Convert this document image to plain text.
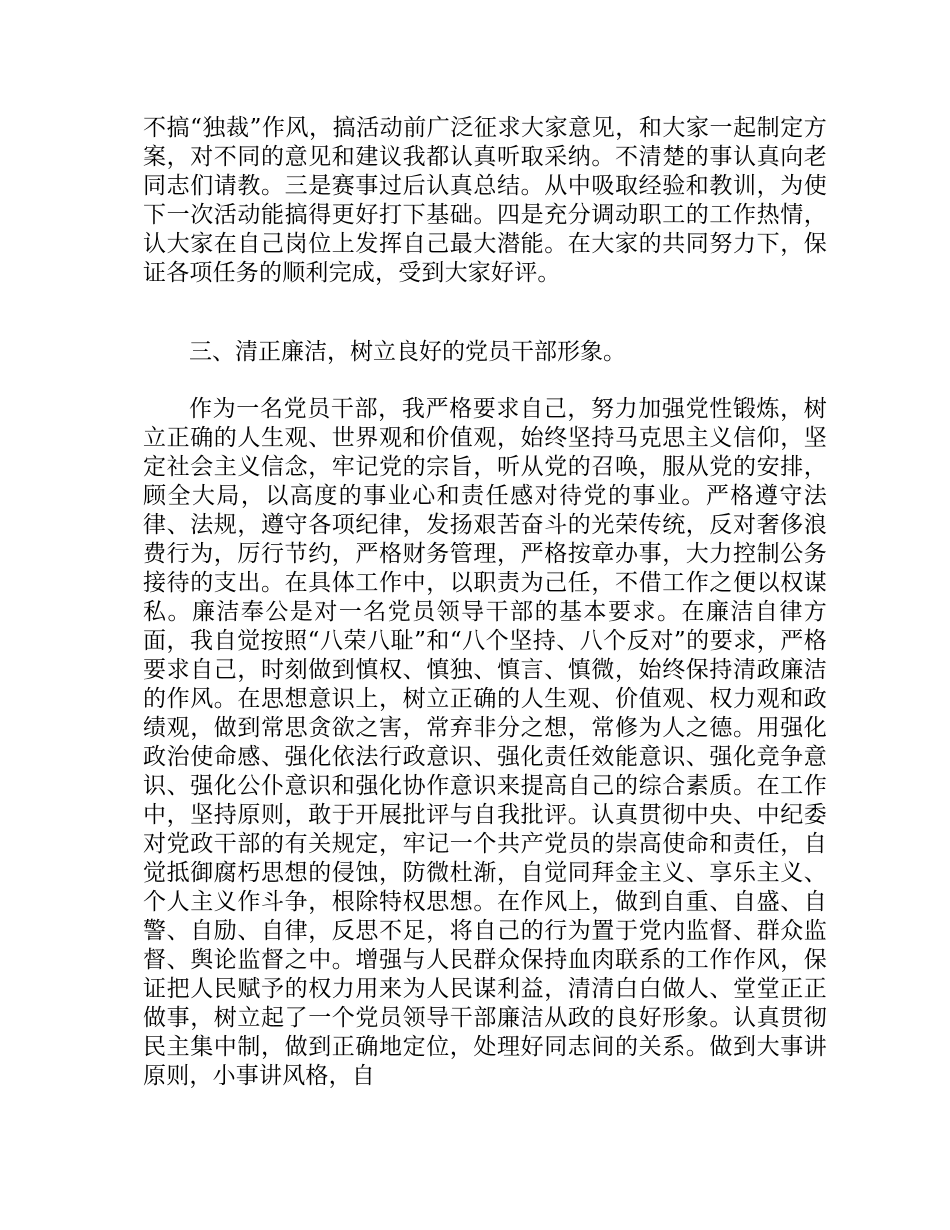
不搞“独裁”作风，搞活动前广泛征求大家意见，和大家一起制定方案，对不同的意见和建议我都认真听取采纳。不清楚的事认真向老同志们请教。三是赛事过后认真总结。从中吸取经验和教训，为使下一次活动能搞得更好打下基础。四是充分调动职工的工作热情，认大家在自己岗位上发挥自己最大潜能。在大家的共同努力下，保证各项任务的顺利完成，受到大家好评。
三、清正廉洁，树立良好的党员干部形象。
作为一名党员干部，我严格要求自己，努力加强党性锻炼，树立正确的人生观、世界观和价值观，始终坚持马克思主义信仰，坚定社会主义信念，牢记党的宗旨，听从党的召唤，服从党的安排，顾全大局，以高度的事业心和责任感对待党的事业。严格遵守法律、法规，遵守各项纪律，发扬艰苦奋斗的光荣传统，反对奢侈浪费行为，厉行节约，严格财务管理，严格按章办事，大力控制公务接待的支出。在具体工作中，以职责为己任，不借工作之便以权谋私。廉洁奉公是对一名党员领导干部的基本要求。在廉洁自律方面，我自觉按照“八荣八耻”和“八个坚持、八个反对”的要求，严格要求自己，时刻做到慎权、慎独、慎言、慎微，始终保持清政廉洁的作风。在思想意识上，树立正确的人生观、价值观、权力观和政绩观，做到常思贪欲之害，常弃非分之想，常修为人之德。用强化政治使命感、强化依法行政意识、强化责任效能意识、强化竞争意识、强化公仆意识和强化协作意识来提高自己的综合素质。在工作中，坚持原则，敢于开展批评与自我批评。认真贯彻中央、中纪委对党政干部的有关规定，牢记一个共产党员的崇高使命和责任，自觉抵御腐朽思想的侵蚀，防微杜渐，自觉同拜金主义、享乐主义、个人主义作斗争，根除特权思想。在作风上，做到自重、自盛、自警、自励、自律，反思不足，将自己的行为置于党内监督、群众监督、舆论监督之中。增强与人民群众保持血肉联系的工作作风，保证把人民赋予的权力用来为人民谋利益，清清白白做人、堂堂正正做事，树立起了一个党员领导干部廉洁从政的良好形象。认真贯彻民主集中制，做到正确地定位，处理好同志间的关系。做到大事讲原则，小事讲风格，自
